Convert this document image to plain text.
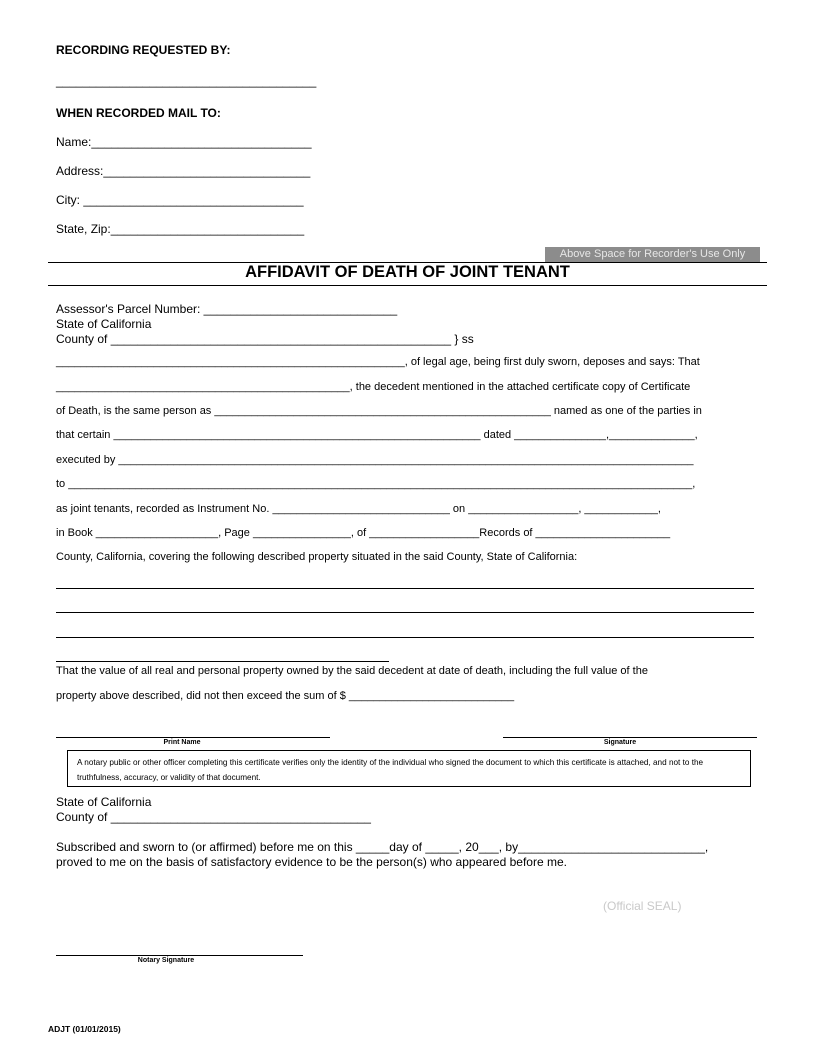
RECORDING REQUESTED BY:
_______________________________________
WHEN RECORDED MAIL TO:
Name:_________________________________
Address:_______________________________
City: _________________________________
State, Zip:_____________________________
Above Space for Recorder's Use Only
AFFIDAVIT OF DEATH OF JOINT TENANT
Assessor's Parcel Number: _____________________________
State of California
County of ___________________________________________________ } ss
_________________________________________________________, of legal age, being first duly sworn, deposes and says: That
________________________________________________, the decedent mentioned in the attached certificate copy of Certificate
of Death, is the same person as _______________________________________________________ named as one of the parties in
that certain ____________________________________________________________ dated _______________,______________,
executed by ______________________________________________________________________________________________
to ______________________________________________________________________________________________________,
as joint tenants, recorded as Instrument No. _____________________________ on __________________, ____________,
in Book ____________________, Page ________________, of __________________Records of ______________________
County, California, covering the following described property situated in the said County, State of California:
That the value of all real and personal property owned by the said decedent at date of death, including the full value of the
property above described, did not then exceed the sum of $ ___________________________
Print Name	Signature
A notary public or other officer completing this certificate verifies only the identity of the individual who signed the document to which this certificate is attached, and not to the truthfulness, accuracy, or validity of that document.
State of California
County of _______________________________________
Subscribed and sworn to (or affirmed) before me on this _____day of _____, 20___, by____________________________,
proved to me on the basis of satisfactory evidence to be the person(s) who appeared before me.
(Official SEAL)
Notary Signature
ADJT (01/01/2015)
